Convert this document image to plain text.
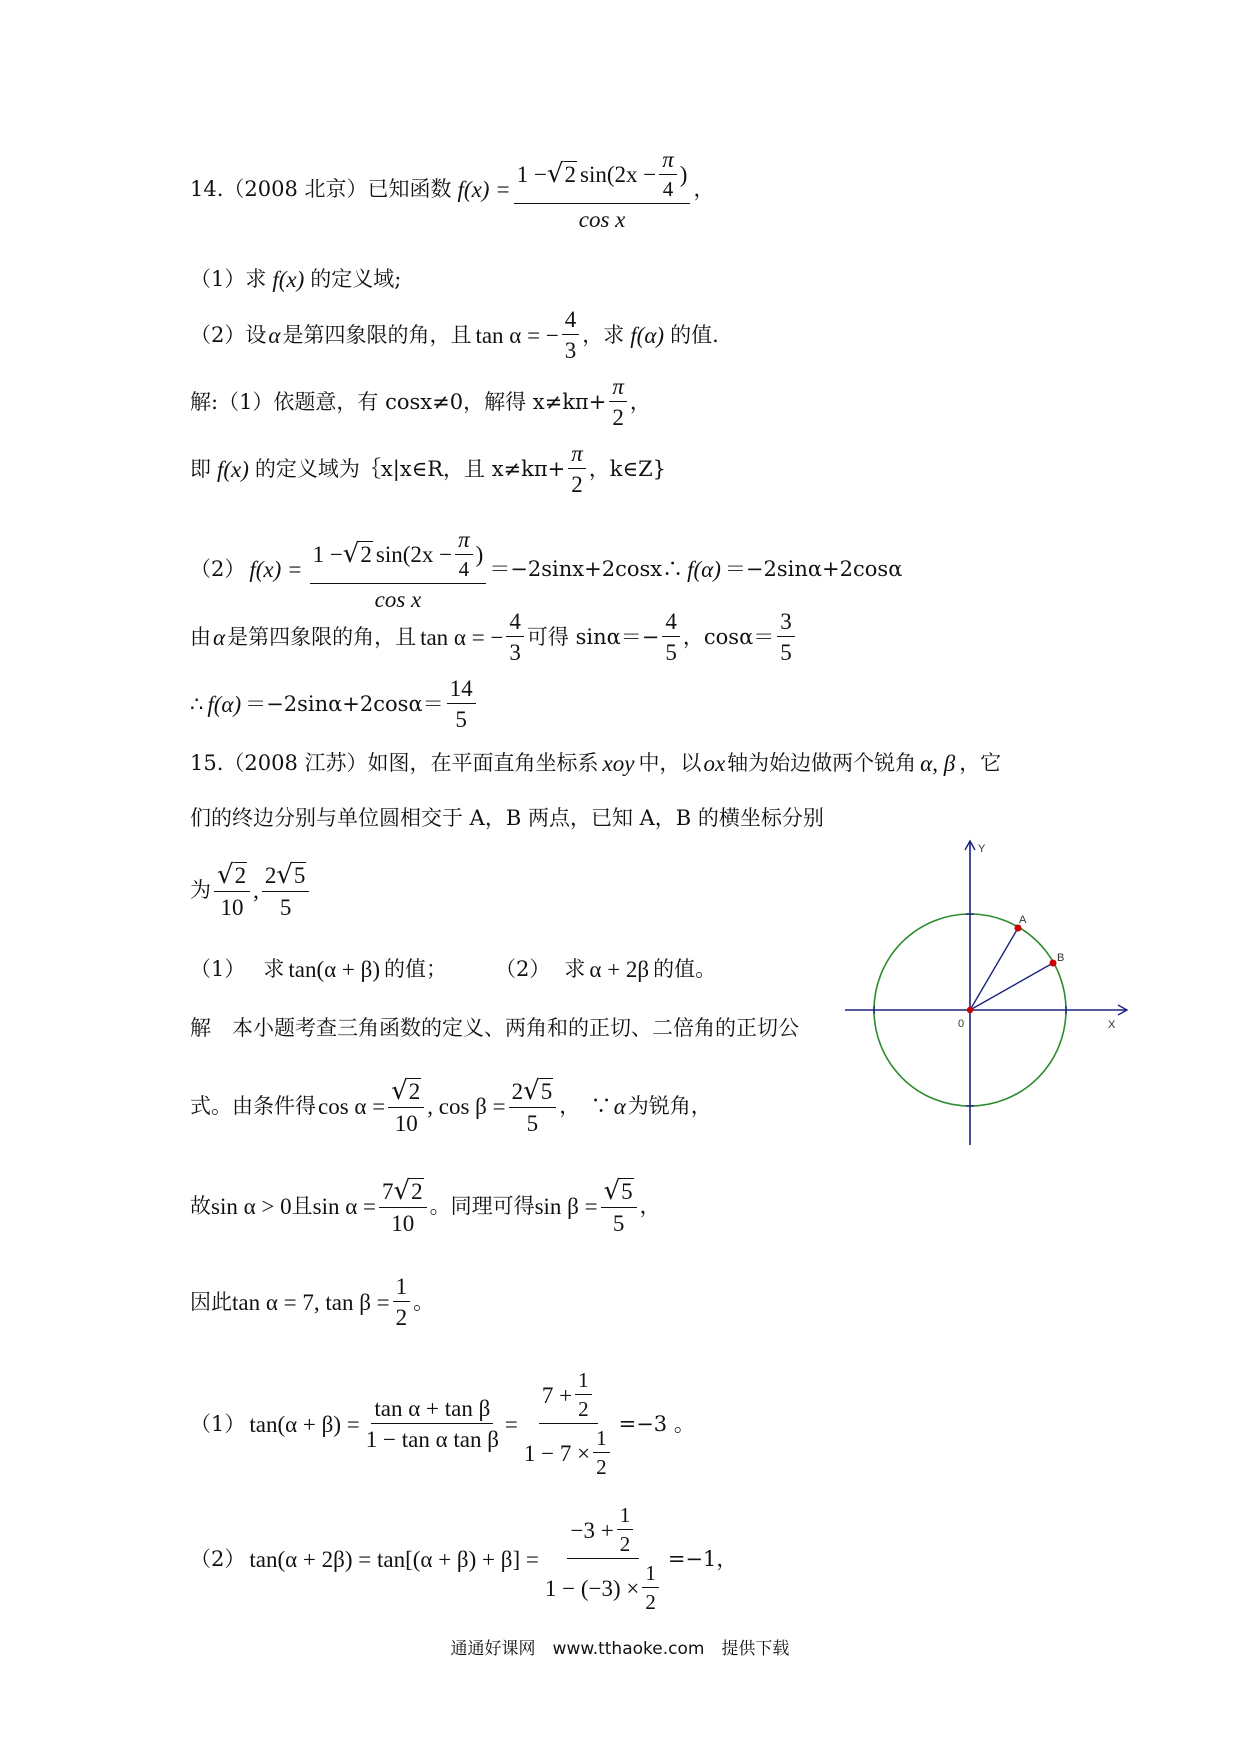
14.（2008 北京）已知函数 $f(x) = \frac{1 - √ 2 \sin(2x - \frac{\pi}{4} )}{\text{cos x}}$ ，
（1）求 f(x) 的定义域;
（2）设 α 是第四象限的角，且 tan α = − $\frac{4}{3}$ ，求 f(α) 的值.
解:（1）依题意，有 cosx≠0，解得 $x\ne k\pi+ \frac{\pi}{2}$ ，
即 f(x) 的定义域为｛x|x∈R，且 $x\ne k\pi+ \frac{\pi}{2}$ ，k∈Z}
（2） $f(x) = \frac{1 - √ 2 \sin(2x - \frac{\pi}{4} )}{\text{cos x}}$ ＝−2sinx+2cosx∴ f(α) ＝−2sinα+2cosα
由 α 是第四象限的角，且 tan α = − $\frac{4}{3}$ 可得 $\sin\alpha=- \frac{4}{5}$ ，$\cos\alpha= \frac{3}{5}$
∴ $f(\alpha) =-2\sin\alpha+2\cos\alpha= \frac{14}{5}$
15.（2008 江苏）如图，在平面直角坐标系 xoy 中，以 ox 轴为始边做两个锐角 α, β ，它
们的终边分别与单位圆相交于 A，B 两点，已知 A，B 的横坐标分别
为 $\frac{√ 2}{10}$ , $\frac{2 √ 5}{5}$
（1） 求 tan(α + β) 的值； （2） 求 α + 2β 的值。
解　本小题考查三角函数的定义、两角和的正切、二倍角的正切公
式。由条件得 $\cos \alpha = \frac{√ 2}{10}$ , $\cos \beta = \frac{2 √ 5}{5}$ ，　∵ α 为锐角，
故 sin α > 0 且 $\sin \alpha = \frac{7 √ 2}{10}$ 。同理可得 $\sin \beta = \frac{√ 5}{5}$ ，
因此 tan α = 7, $\tan \beta = \frac{1}{2}$ 。
（1） $\tan(\alpha + \beta) = \frac{\text{tan α + tan β}}{\text{1 − tan α tan β}} = \frac{7 + \frac{1}{2}}{1 - 7 \times \frac{1}{2}} =-3$ 。
（2） $\tan(\alpha + 2\beta) = \tan[(\alpha + \beta) + \beta] = \frac{-3 + \frac{1}{2}}{1 - (-3) \times \frac{1}{2}} =-1$，
Y
X
0
A
B
通通好课网　www.tthaoke.com　提供下载
